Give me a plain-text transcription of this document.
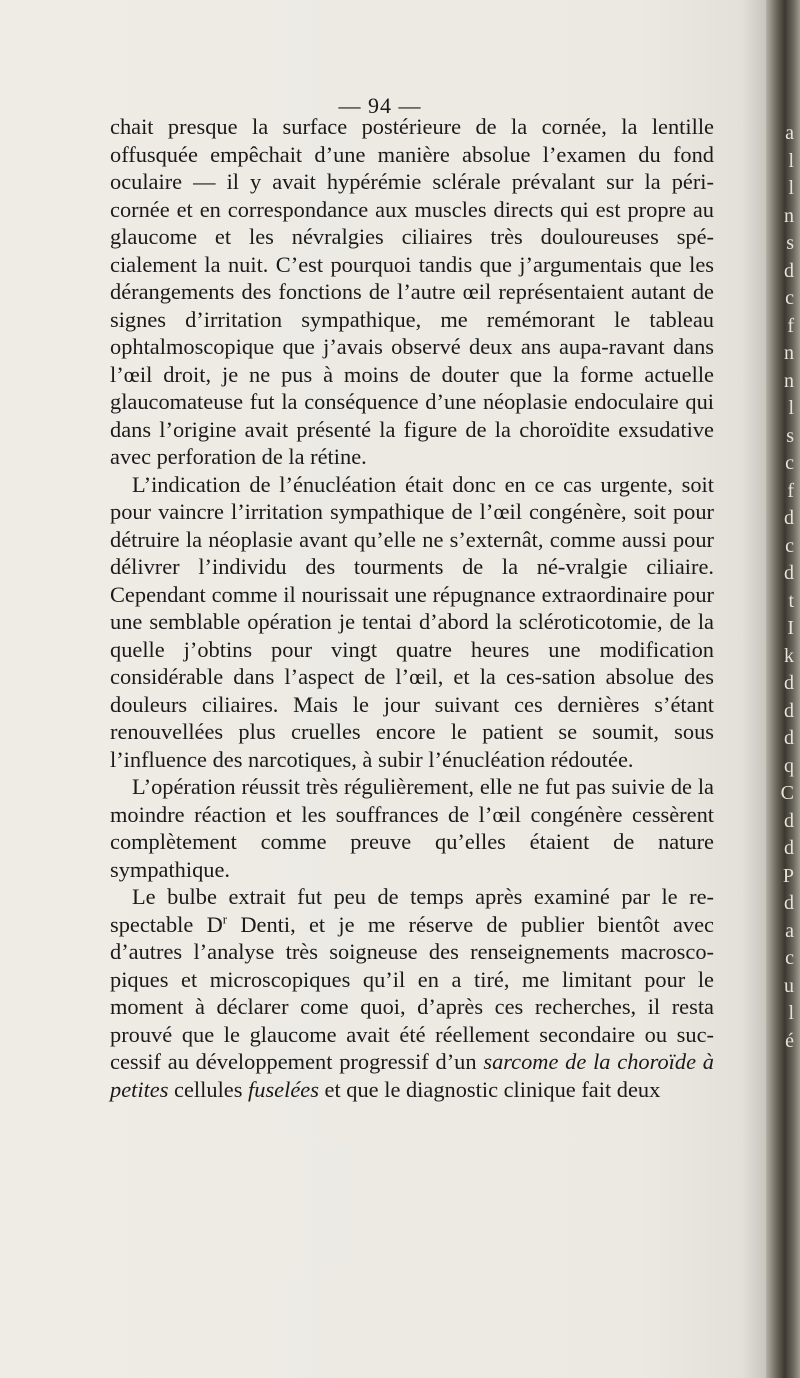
— 94 —

chait presque la surface postérieure de la cornée, la lentille offusquée empêchait d’une manière absolue l’examen du fond oculaire — il y avait hypérémie sclérale prévalant sur la péri-cornée et en correspondance aux muscles directs qui est propre au glaucome et les névralgies ciliaires très douloureuses spé-cialement la nuit. C’est pourquoi tandis que j’argumentais que les dérangements des fonctions de l’autre œil représentaient autant de signes d’irritation sympathique, me remémorant le tableau ophtalmoscopique que j’avais observé deux ans aupa-ravant dans l’œil droit, je ne pus à moins de douter que la forme actuelle glaucomateuse fut la conséquence d’une néoplasie endoculaire qui dans l’origine avait présenté la figure de la choroïdite exsudative avec perforation de la rétine.

L’indication de l’énucléation était donc en ce cas urgente, soit pour vaincre l’irritation sympathique de l’œil congénère, soit pour détruire la néoplasie avant qu’elle ne s’externât, comme aussi pour délivrer l’individu des tourments de la né-vralgie ciliaire. Cependant comme il nourissait une répugnance extraordinaire pour une semblable opération je tentai d’abord la scléroticotomie, de la quelle j’obtins pour vingt quatre heures une modification considérable dans l’aspect de l’œil, et la ces-sation absolue des douleurs ciliaires. Mais le jour suivant ces dernières s’étant renouvellées plus cruelles encore le patient se soumit, sous l’influence des narcotiques, à subir l’énucléation rédoutée.

L’opération réussit très régulièrement, elle ne fut pas suivie de la moindre réaction et les souffrances de l’œil congénère cessèrent complètement comme preuve qu’elles étaient de nature sympathique.

Le bulbe extrait fut peu de temps après examiné par le re-spectable $D^r$ Denti, et je me réserve de publier bientôt avec d’autres l’analyse très soigneuse des renseignements macrosco-piques et microscopiques qu’il en a tiré, me limitant pour le moment à déclarer come quoi, d’après ces recherches, il resta prouvé que le glaucome avait été réellement secondaire ou suc-cessif au développement progressif d’un sarcome de la choroïde à petites cellules fuselées et que le diagnostic clinique fait deux

a
l
l
n
s
d
c
f
n
n
l
s
c
f
d
c
d
t
I
k
d
d
d
q
C
d
d
P
d
a
c
u
l
é
